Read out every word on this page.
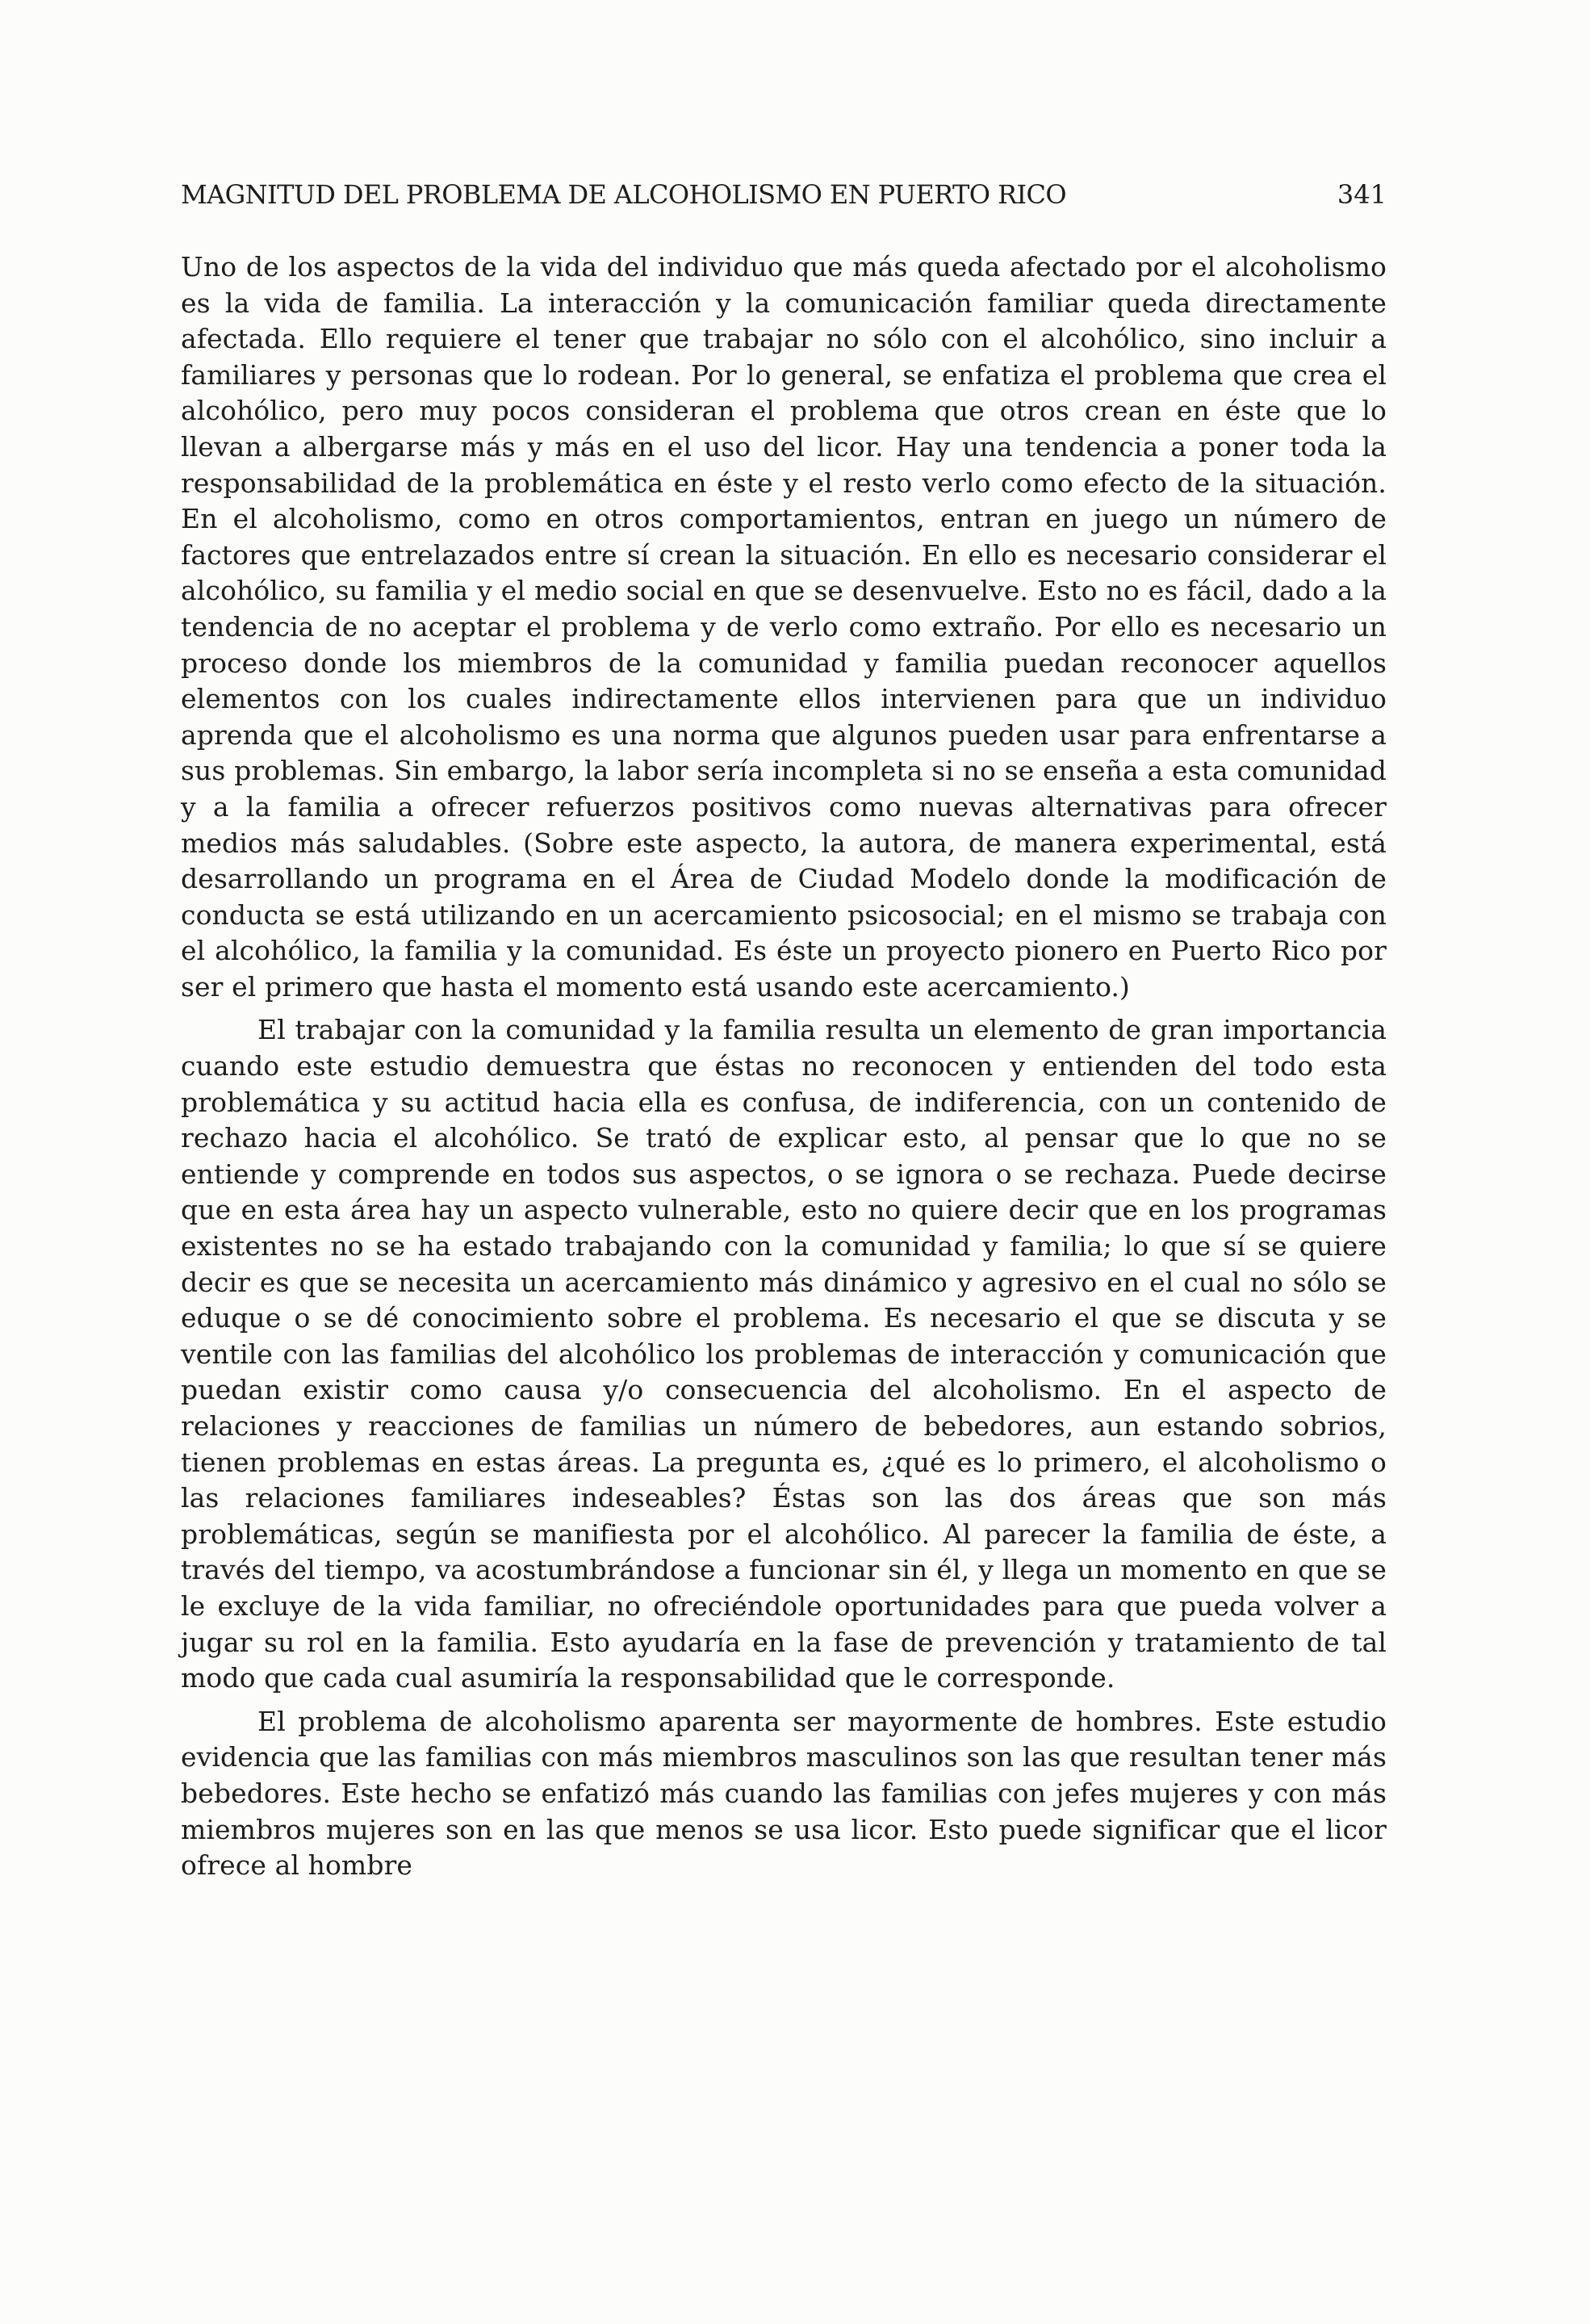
MAGNITUD DEL PROBLEMA DE ALCOHOLISMO EN PUERTO RICO	341

Uno de los aspectos de la vida del individuo que más queda afectado por el alcoholismo es la vida de familia. La interacción y la comunicación familiar queda directamente afectada. Ello requiere el tener que trabajar no sólo con el alcohólico, sino incluir a familiares y personas que lo rodean. Por lo general, se enfatiza el problema que crea el alcohólico, pero muy pocos consideran el problema que otros crean en éste que lo llevan a albergarse más y más en el uso del licor. Hay una tendencia a poner toda la responsabilidad de la problemática en éste y el resto verlo como efecto de la situación. En el alcoholismo, como en otros comportamientos, entran en juego un número de factores que entrelazados entre sí crean la situación. En ello es necesario considerar el alcohólico, su familia y el medio social en que se desenvuelve. Esto no es fácil, dado a la tendencia de no aceptar el problema y de verlo como extraño. Por ello es necesario un proceso donde los miembros de la comunidad y familia puedan reconocer aquellos elementos con los cuales indirectamente ellos intervienen para que un individuo aprenda que el alcoholismo es una norma que algunos pueden usar para enfrentarse a sus problemas. Sin embargo, la labor sería incompleta si no se enseña a esta comunidad y a la familia a ofrecer refuerzos positivos como nuevas alternativas para ofrecer medios más saludables. (Sobre este aspecto, la autora, de manera experimental, está desarrollando un programa en el Área de Ciudad Modelo donde la modificación de conducta se está utilizando en un acercamiento psicosocial; en el mismo se trabaja con el alcohólico, la familia y la comunidad. Es éste un proyecto pionero en Puerto Rico por ser el primero que hasta el momento está usando este acercamiento.)

El trabajar con la comunidad y la familia resulta un elemento de gran importancia cuando este estudio demuestra que éstas no reconocen y entienden del todo esta problemática y su actitud hacia ella es confusa, de indiferencia, con un contenido de rechazo hacia el alcohólico. Se trató de explicar esto, al pensar que lo que no se entiende y comprende en todos sus aspectos, o se ignora o se rechaza. Puede decirse que en esta área hay un aspecto vulnerable, esto no quiere decir que en los programas existentes no se ha estado trabajando con la comunidad y familia; lo que sí se quiere decir es que se necesita un acercamiento más dinámico y agresivo en el cual no sólo se eduque o se dé conocimiento sobre el problema. Es necesario el que se discuta y se ventile con las familias del alcohólico los problemas de interacción y comunicación que puedan existir como causa y/o consecuencia del alcoholismo. En el aspecto de relaciones y reacciones de familias un número de bebedores, aun estando sobrios, tienen problemas en estas áreas. La pregunta es, ¿qué es lo primero, el alcoholismo o las relaciones familiares indeseables? Éstas son las dos áreas que son más problemáticas, según se manifiesta por el alcohólico. Al parecer la familia de éste, a través del tiempo, va acostumbrándose a funcionar sin él, y llega un momento en que se le excluye de la vida familiar, no ofreciéndole oportunidades para que pueda volver a jugar su rol en la familia. Esto ayudaría en la fase de prevención y tratamiento de tal modo que cada cual asumiría la responsabilidad que le corresponde.

El problema de alcoholismo aparenta ser mayormente de hombres. Este estudio evidencia que las familias con más miembros masculinos son las que resultan tener más bebedores. Este hecho se enfatizó más cuando las familias con jefes mujeres y con más miembros mujeres son en las que menos se usa licor. Esto puede significar que el licor ofrece al hombre
